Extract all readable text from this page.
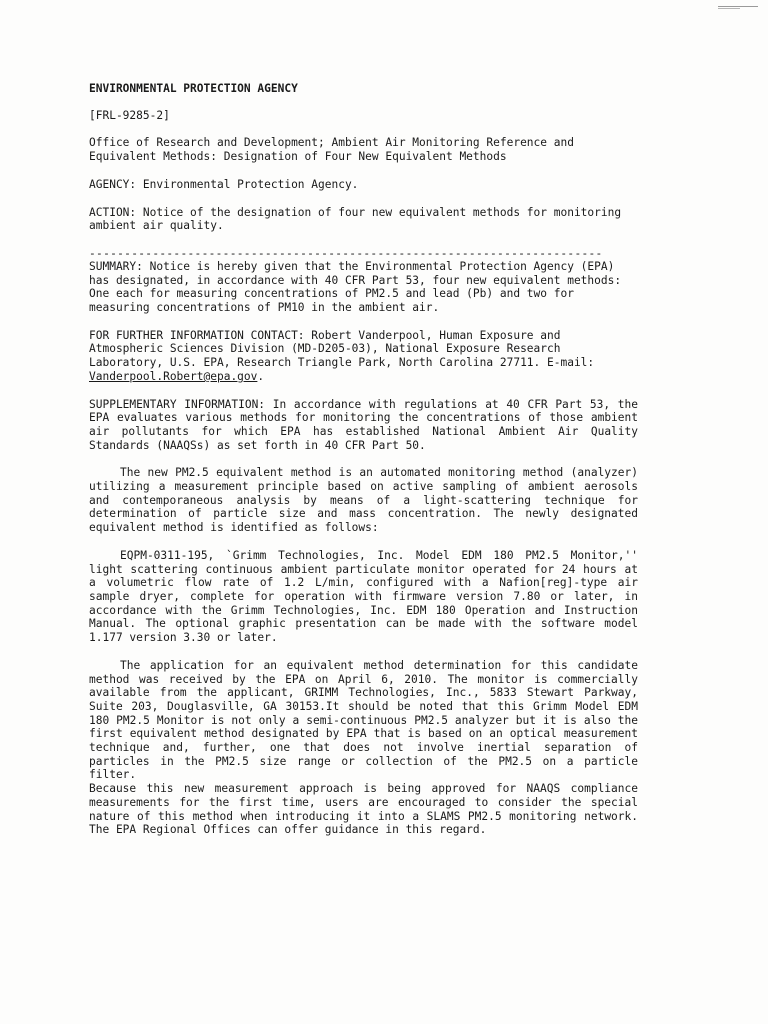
ENVIRONMENTAL PROTECTION AGENCY

[FRL-9285-2]

Office of Research and Development; Ambient Air Monitoring Reference and Equivalent Methods: Designation of Four New Equivalent Methods

AGENCY: Environmental Protection Agency.

ACTION: Notice of the designation of four new equivalent methods for monitoring ambient air quality.

-------------------------------------------------------------------------

SUMMARY: Notice is hereby given that the Environmental Protection Agency (EPA) has designated, in accordance with 40 CFR Part 53, four new equivalent methods: One each for measuring concentrations of PM2.5 and lead (Pb) and two for measuring concentrations of PM10 in the ambient air.

FOR FURTHER INFORMATION CONTACT: Robert Vanderpool, Human Exposure and Atmospheric Sciences Division (MD-D205-03), National Exposure Research Laboratory, U.S. EPA, Research Triangle Park, North Carolina 27711. E-mail: Vanderpool.Robert@epa.gov.

SUPPLEMENTARY INFORMATION: In accordance with regulations at 40 CFR Part 53, the EPA evaluates various methods for monitoring the concentrations of those ambient air pollutants for which EPA has established National Ambient Air Quality Standards (NAAQSs) as set forth in 40 CFR Part 50.

The new PM2.5 equivalent method is an automated monitoring method (analyzer) utilizing a measurement principle based on active sampling of ambient aerosols and contemporaneous analysis by means of a light-scattering technique for determination of particle size and mass concentration. The newly designated equivalent method is identified as follows:

EQPM-0311-195, `Grimm Technologies, Inc. Model EDM 180 PM2.5 Monitor,'' light scattering continuous ambient particulate monitor operated for 24 hours at a volumetric flow rate of 1.2 L/min, configured with a Nafion[reg]-type air sample dryer, complete for operation with firmware version 7.80 or later, in accordance with the Grimm Technologies, Inc. EDM 180 Operation and Instruction Manual. The optional graphic presentation can be made with the software model 1.177 version 3.30 or later.

The application for an equivalent method determination for this candidate method was received by the EPA on April 6, 2010. The monitor is commercially available from the applicant, GRIMM Technologies, Inc., 5833 Stewart Parkway, Suite 203, Douglasville, GA 30153.It should be noted that this Grimm Model EDM 180 PM2.5 Monitor is not only a semi-continuous PM2.5 analyzer but it is also the first equivalent method designated by EPA that is based on an optical measurement technique and, further, one that does not involve inertial separation of particles in the PM2.5 size range or collection of the PM2.5 on a particle filter.

Because this new measurement approach is being approved for NAAQS compliance measurements for the first time, users are encouraged to consider the special nature of this method when introducing it into a SLAMS PM2.5 monitoring network. The EPA Regional Offices can offer guidance in this regard.
